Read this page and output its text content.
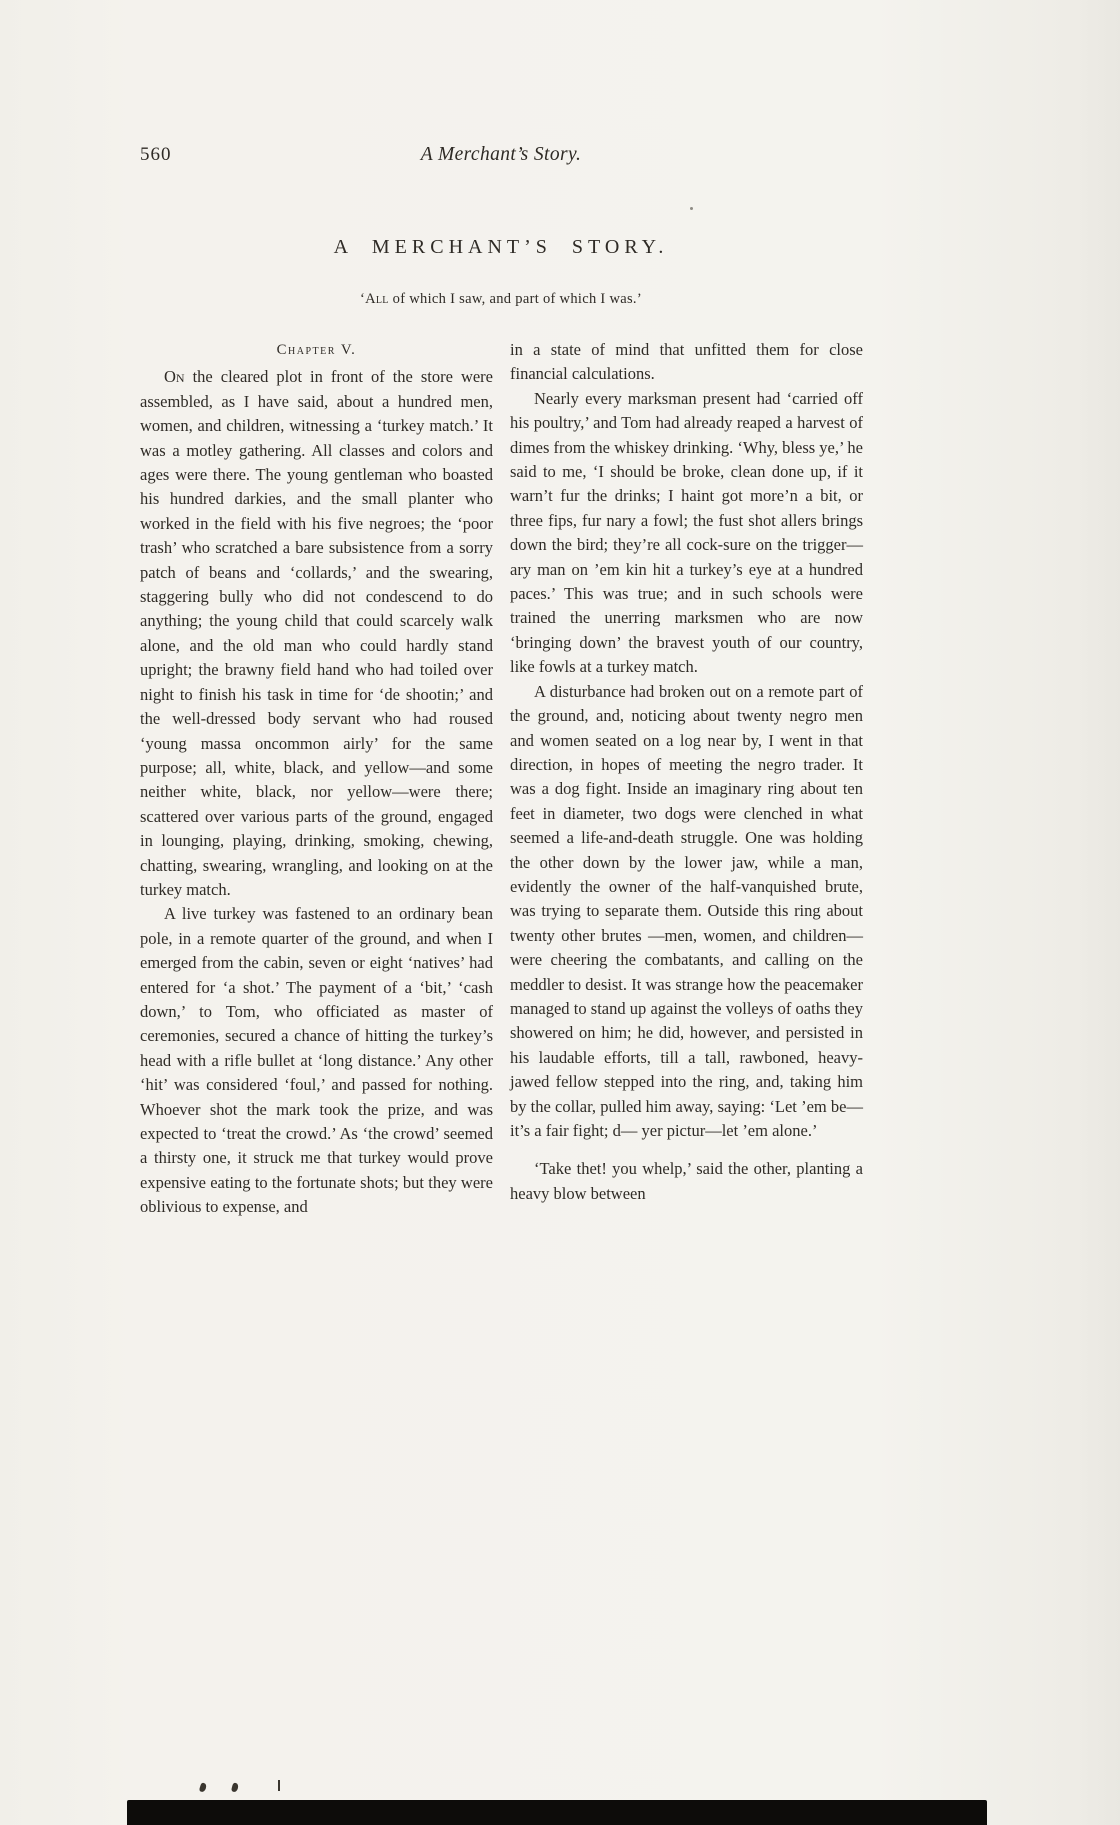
560	A Merchant’s Story.
A MERCHANT’S STORY.
‘All of which I saw, and part of which I was.’
Chapter V.

On the cleared plot in front of the store were assembled, as I have said, about a hundred men, women, and children, witnessing a ‘turkey match.’ It was a motley gathering. All classes and colors and ages were there. The young gentleman who boasted his hundred darkies, and the small planter who worked in the field with his five negroes; the ‘poor trash’ who scratched a bare subsistence from a sorry patch of beans and ‘collards,’ and the swearing, staggering bully who did not condescend to do anything; the young child that could scarcely walk alone, and the old man who could hardly stand upright; the brawny field hand who had toiled over night to finish his task in time for ‘de shootin;’ and the well-dressed body servant who had roused ‘young massa oncommon airly’ for the same purpose; all, white, black, and yellow—and some neither white, black, nor yellow—were there; scattered over various parts of the ground, engaged in lounging, playing, drinking, smoking, chewing, chatting, swearing, wrangling, and looking on at the turkey match.

A live turkey was fastened to an ordinary bean pole, in a remote quarter of the ground, and when I emerged from the cabin, seven or eight ‘natives’ had entered for ‘a shot.’ The payment of a ‘bit,’ ‘cash down,’ to Tom, who officiated as master of ceremonies, secured a chance of hitting the turkey’s head with a rifle bullet at ‘long distance.’ Any other ‘hit’ was considered ‘foul,’ and passed for nothing. Whoever shot the mark took the prize, and was expected to ‘treat the crowd.’ As ‘the crowd’ seemed a thirsty one, it struck me that turkey would prove expensive eating to the fortunate shots; but they were oblivious to expense, and

in a state of mind that unfitted them for close financial calculations.

Nearly every marksman present had ‘carried off his poultry,’ and Tom had already reaped a harvest of dimes from the whiskey drinking. ‘Why, bless ye,’ he said to me, ‘I should be broke, clean done up, if it warn’t fur the drinks; I haint got more’n a bit, or three fips, fur nary a fowl; the fust shot allers brings down the bird; they’re all cock-sure on the trigger—ary man on ’em kin hit a turkey’s eye at a hundred paces.’ This was true; and in such schools were trained the unerring marksmen who are now ‘bringing down’ the bravest youth of our country, like fowls at a turkey match.

A disturbance had broken out on a remote part of the ground, and, noticing about twenty negro men and women seated on a log near by, I went in that direction, in hopes of meeting the negro trader. It was a dog fight. Inside an imaginary ring about ten feet in diameter, two dogs were clenched in what seemed a life-and-death struggle. One was holding the other down by the lower jaw, while a man, evidently the owner of the half-vanquished brute, was trying to separate them. Outside this ring about twenty other brutes —men, women, and children—were cheering the combatants, and calling on the meddler to desist. It was strange how the peacemaker managed to stand up against the volleys of oaths they showered on him; he did, however, and persisted in his laudable efforts, till a tall, rawboned, heavy-jawed fellow stepped into the ring, and, taking him by the collar, pulled him away, saying: ‘Let ’em be—it’s a fair fight; d— yer pictur—let ’em alone.’

‘Take thet! you whelp,’ said the other, planting a heavy blow between
